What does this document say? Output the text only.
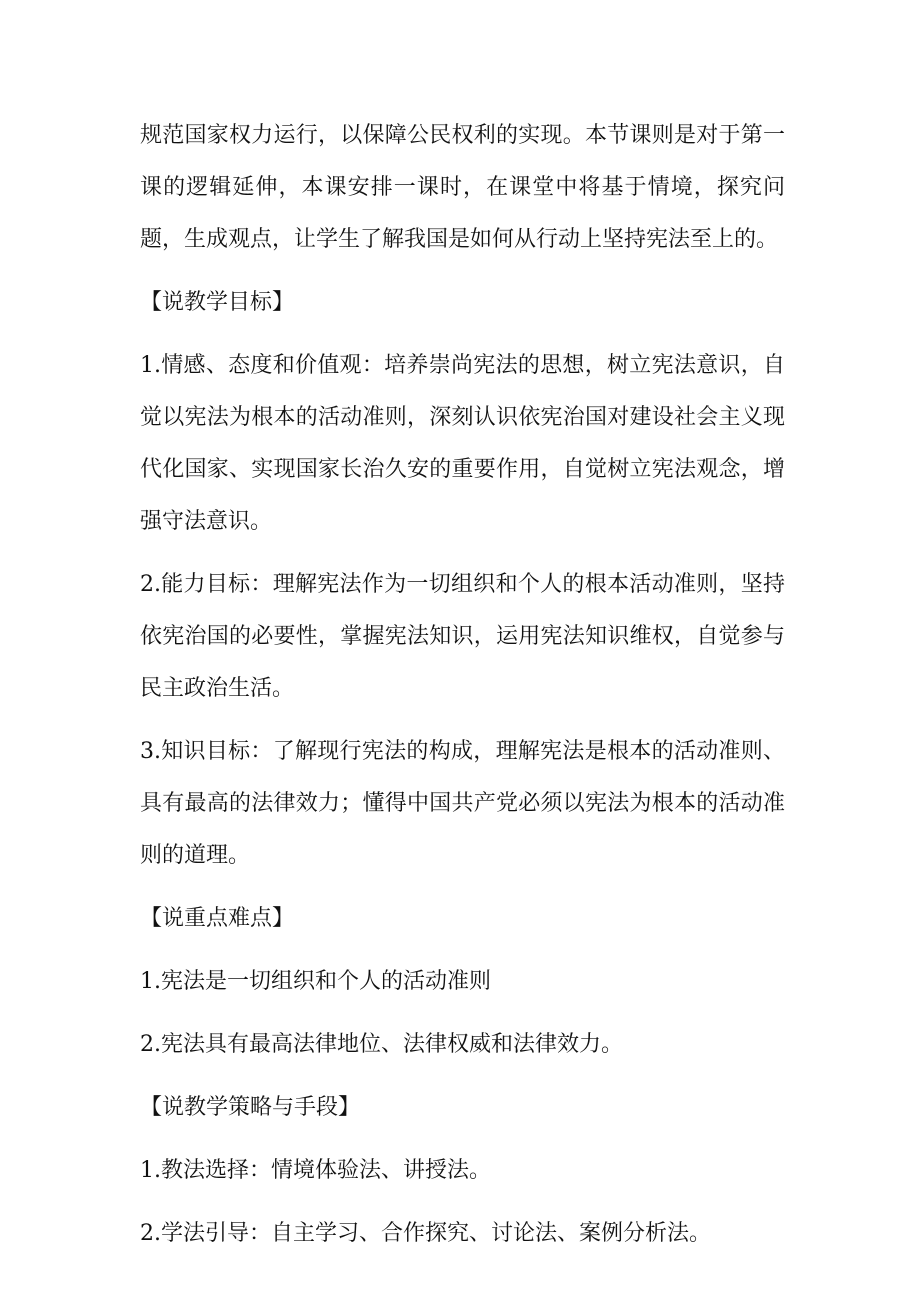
规范国家权力运行，以保障公民权利的实现。本节课则是对于第一课的逻辑延伸，本课安排一课时，在课堂中将基于情境，探究问题，生成观点，让学生了解我国是如何从行动上坚持宪法至上的。

【说教学目标】

1.情感、态度和价值观：培养崇尚宪法的思想，树立宪法意识，自觉以宪法为根本的活动准则，深刻认识依宪治国对建设社会主义现代化国家、实现国家长治久安的重要作用，自觉树立宪法观念，增强守法意识。

2.能力目标：理解宪法作为一切组织和个人的根本活动准则，坚持依宪治国的必要性，掌握宪法知识，运用宪法知识维权，自觉参与民主政治生活。

3.知识目标：了解现行宪法的构成，理解宪法是根本的活动准则、具有最高的法律效力；懂得中国共产党必须以宪法为根本的活动准则的道理。

【说重点难点】

1.宪法是一切组织和个人的活动准则

2.宪法具有最高法律地位、法律权威和法律效力。

【说教学策略与手段】

1.教法选择：情境体验法、讲授法。

2.学法引导：自主学习、合作探究、讨论法、案例分析法。
